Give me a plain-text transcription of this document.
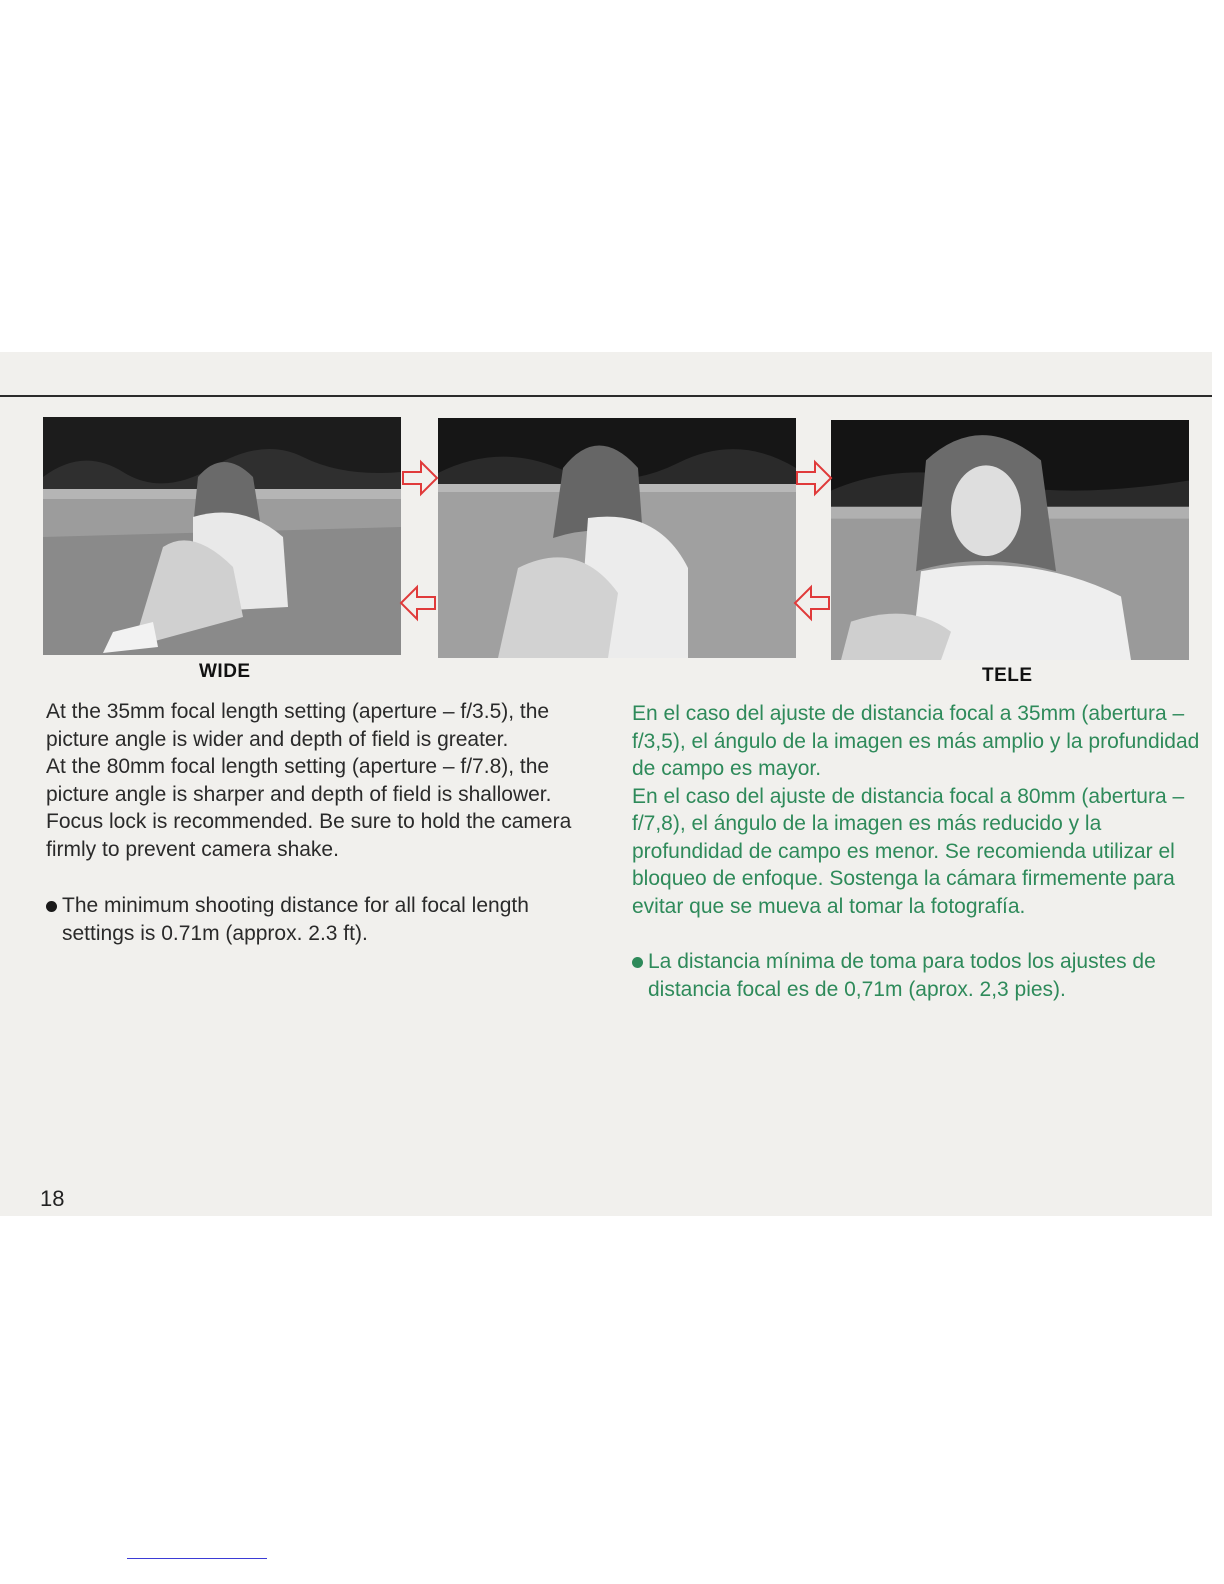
WIDE	TELE

At the 35mm focal length setting (aperture – f/3.5), the picture angle is wider and depth of field is greater.

At the 80mm focal length setting (aperture – f/7.8), the picture angle is sharper and depth of field is shallower. Focus lock is recommended. Be sure to hold the camera firmly to prevent camera shake.

The minimum shooting distance for all focal length settings is 0.71m (approx. 2.3 ft).

En el caso del ajuste de distancia focal a 35mm (abertura – f/3,5), el ángulo de la imagen es más amplio y la profundidad de campo es mayor.

En el caso del ajuste de distancia focal a 80mm (abertura – f/7,8), el ángulo de la imagen es más reducido y la profundidad de campo es menor. Se recomienda utilizar el bloqueo de enfoque. Sostenga la cámara firmemente para evitar que se mueva al tomar la fotografía.

La distancia mínima de toma para todos los ajustes de distancia focal es de 0,71m (aprox. 2,3 pies).

18
